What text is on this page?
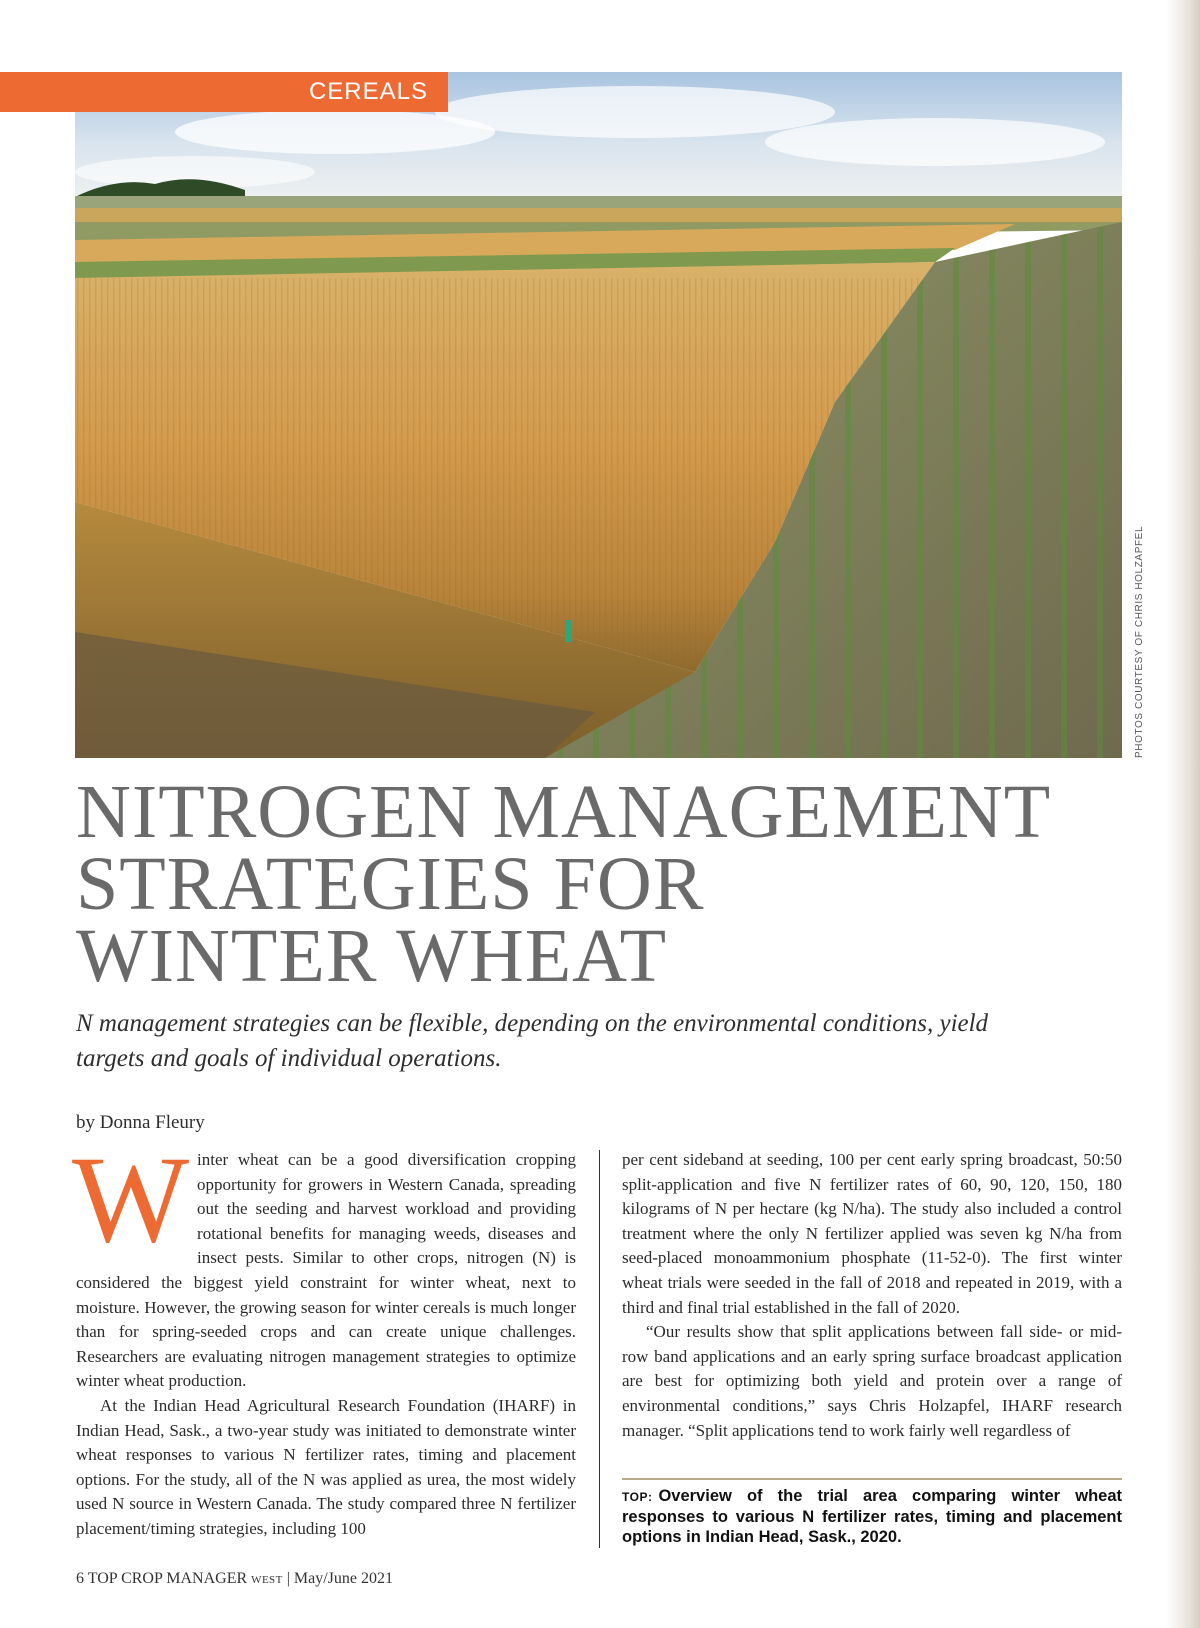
CEREALS
PHOTOS COURTESY OF CHRIS HOLZAPFEL
NITROGEN MANAGEMENT
STRATEGIES FOR
WINTER WHEAT

N management strategies can be flexible, depending on the environmental conditions, yield targets and goals of individual operations.

by Donna Fleury

Winter wheat can be a good diversification cropping opportunity for growers in Western Canada, spreading out the seeding and harvest workload and providing rotational benefits for managing weeds, diseases and insect pests. Similar to other crops, nitrogen (N) is considered the biggest yield constraint for winter wheat, next to moisture. However, the growing season for winter cereals is much longer than for spring-seeded crops and can create unique challenges. Researchers are evaluating nitrogen management strategies to optimize winter wheat production.

At the Indian Head Agricultural Research Foundation (IHARF) in Indian Head, Sask., a two-year study was initiated to demonstrate winter wheat responses to various N fertilizer rates, timing and placement options. For the study, all of the N was applied as urea, the most widely used N source in Western Canada. The study compared three N fertilizer placement/timing strategies, including 100

per cent sideband at seeding, 100 per cent early spring broadcast, 50:50 split-application and five N fertilizer rates of 60, 90, 120, 150, 180 kilograms of N per hectare (kg N/ha). The study also included a control treatment where the only N fertilizer applied was seven kg N/ha from seed-placed monoammonium phosphate (11-52-0). The first winter wheat trials were seeded in the fall of 2018 and repeated in 2019, with a third and final trial established in the fall of 2020.

“Our results show that split applications between fall side- or mid-row band applications and an early spring surface broadcast application are best for optimizing both yield and protein over a range of environmental conditions,” says Chris Holzapfel, IHARF research manager. “Split applications tend to work fairly well regardless of

TOP: Overview of the trial area comparing winter wheat responses to various N fertilizer rates, timing and placement options in Indian Head, Sask., 2020.

6 TOP CROP MANAGER WEST | May/June 2021
